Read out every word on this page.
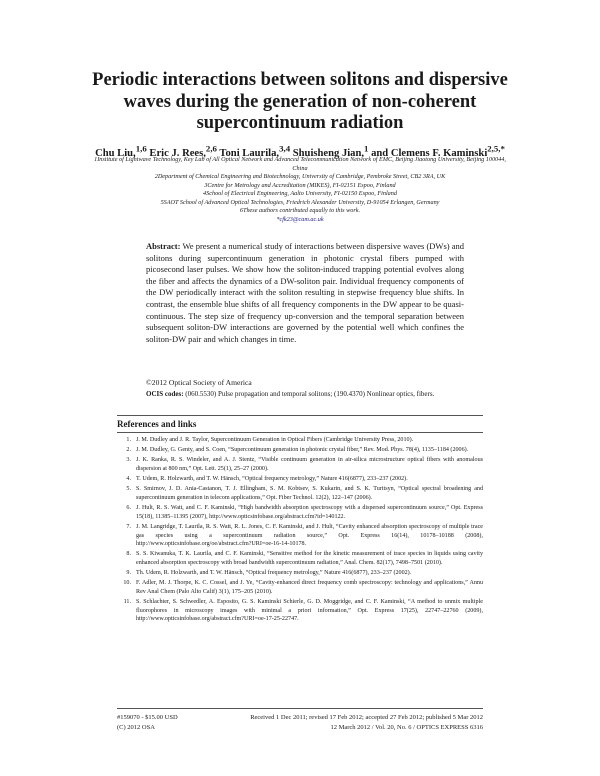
Periodic interactions between solitons and dispersive waves during the generation of non-coherent supercontinuum radiation
Chu Liu,$^{1,6}$ Eric J. Rees,$^{2,6}$ Toni Laurila,$^{3,4}$ Shuisheng Jian,$^1$ and Clemens F. Kaminski$^{2,5,*}$
1Institute of Lightwave Technology, Key Lab of All Optical Network and Advanced Telecommunication Network of EMC, Beijing Jiaotong University, Beijing 100044, China
2Department of Chemical Engineering and Biotechnology, University of Cambridge, Pembroke Street, CB2 3RA, UK
3Centre for Metrology and Accreditation (MIKES), FI-02151 Espoo, Finland
4School of Electrical Engineering, Aalto University, FI-02150 Espoo, Finland
5SAOT School of Advanced Optical Technologies, Friedrich Alexander University, D-91054 Erlangen, Germany
6These authors contributed equally to this work.
*cfk23@cam.ac.uk
Abstract: We present a numerical study of interactions between dispersive waves (DWs) and solitons during supercontinuum generation in photonic crystal fibers pumped with picosecond laser pulses. We show how the soliton-induced trapping potential evolves along the fiber and affects the dynamics of a DW-soliton pair. Individual frequency components of the DW periodically interact with the soliton resulting in stepwise frequency blue shifts. In contrast, the ensemble blue shifts of all frequency components in the DW appear to be quasi-continuous. The step size of frequency up-conversion and the temporal separation between subsequent soliton-DW interactions are governed by the potential well which confines the soliton-DW pair and which changes in time.
©2012 Optical Society of America
OCIS codes: (060.5530) Pulse propagation and temporal solitons; (190.4370) Nonlinear optics, fibers.
References and links
1. J. M. Dudley and J. R. Taylor, Supercontinuum Generation in Optical Fibers (Cambridge University Press, 2010).
2. J. M. Dudley, G. Genty, and S. Coen, “Supercontinuum generation in photonic crystal fiber,” Rev. Mod. Phys. 78(4), 1135–1184 (2006).
3. J. K. Ranka, R. S. Windeler, and A. J. Stentz, “Visible continuum generation in air-silica microstructure optical fibers with anomalous dispersion at 800 nm,” Opt. Lett. 25(1), 25–27 (2000).
4. T. Udem, R. Holzwarth, and T. W. Hänsch, “Optical frequency metrology,” Nature 416(6877), 233–237 (2002).
5. S. Smirnov, J. D. Ania-Castanon, T. J. Ellingham, S. M. Kobtsev, S. Kukarin, and S. K. Turitsyn, “Optical spectral broadening and supercontinuum generation in telecom applications,” Opt. Fiber Technol. 12(2), 122–147 (2006).
6. J. Hult, R. S. Watt, and C. F. Kaminski, “High bandwidth absorption spectroscopy with a dispersed supercontinuum source,” Opt. Express 15(18), 11385–11395 (2007), http://www.opticsinfobase.org/abstract.cfm?id=140122.
7. J. M. Langridge, T. Laurila, R. S. Watt, R. L. Jones, C. F. Kaminski, and J. Hult, “Cavity enhanced absorption spectroscopy of multiple trace gas species using a supercontinuum radiation source,” Opt. Express 16(14), 10178–10188 (2008), http://www.opticsinfobase.org/oe/abstract.cfm?URI=oe-16-14-10178.
8. S. S. Kiwanuka, T. K. Laurila, and C. F. Kaminski, “Sensitive method for the kinetic measurement of trace species in liquids using cavity enhanced absorption spectroscopy with broad bandwidth supercontinuum radiation,” Anal. Chem. 82(17), 7498–7501 (2010).
9. Th. Udem, R. Holzwarth, and T. W. Hänsch, “Optical frequency metrology,” Nature 416(6877), 233–237 (2002).
10. F. Adler, M. J. Thorpe, K. C. Cossel, and J. Ye, “Cavity-enhanced direct frequency comb spectroscopy: technology and applications,” Annu Rev Anal Chem (Palo Alto Calif) 3(1), 175–205 (2010).
11. S. Schlachter, S. Schwedler, A. Esposito, G. S. Kaminski Schierle, G. D. Moggridge, and C. F. Kaminski, “A method to unmix multiple fluorophores in microscopy images with minimal a priori information,” Opt. Express 17(25), 22747–22760 (2009), http://www.opticsinfobase.org/abstract.cfm?URI=oe-17-25-22747.
#159070 - $15.00 USD
(C) 2012 OSA
Received 1 Dec 2011; revised 17 Feb 2012; accepted 27 Feb 2012; published 5 Mar 2012
12 March 2012 / Vol. 20, No. 6 / OPTICS EXPRESS 6316
